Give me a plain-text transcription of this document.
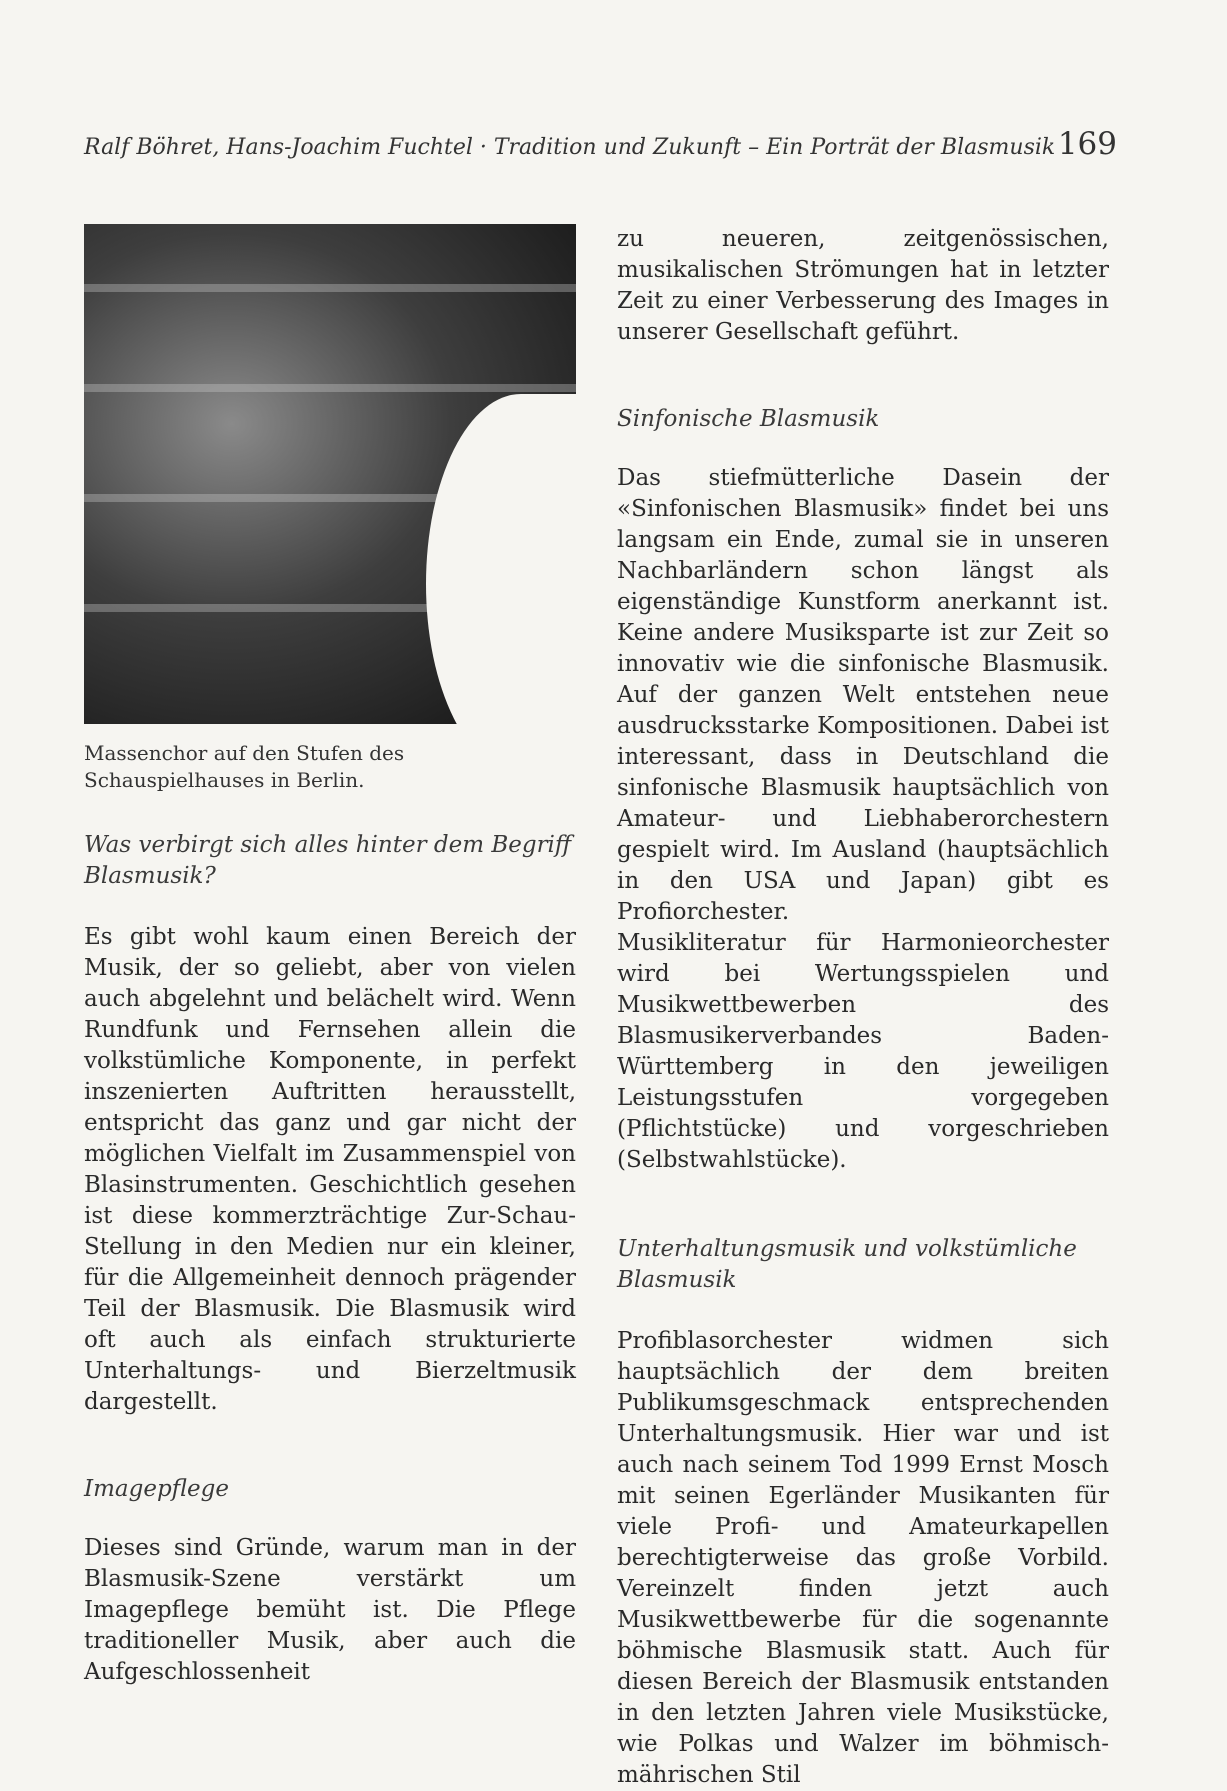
Ralf Böhret, Hans-Joachim Fuchtel · Tradition und Zukunft – Ein Porträt der Blasmusik 169
Massenchor auf den Stufen des Schauspielhauses in Berlin.
Was verbirgt sich alles hinter dem Begriff Blasmusik?
Es gibt wohl kaum einen Bereich der Musik, der so geliebt, aber von vielen auch abgelehnt und belächelt wird. Wenn Rundfunk und Fernsehen allein die volkstümliche Komponente, in perfekt inszenierten Auftritten herausstellt, entspricht das ganz und gar nicht der möglichen Vielfalt im Zusammenspiel von Blasinstrumenten. Geschichtlich gesehen ist diese kommerzträchtige Zur-Schau-Stellung in den Medien nur ein kleiner, für die Allgemeinheit dennoch prägender Teil der Blasmusik. Die Blasmusik wird oft auch als einfach strukturierte Unterhaltungs- und Bierzeltmusik dargestellt.
Imagepflege
Dieses sind Gründe, warum man in der Blasmusik-Szene verstärkt um Imagepflege bemüht ist. Die Pflege traditioneller Musik, aber auch die Aufgeschlossenheit
zu neueren, zeitgenössischen, musikalischen Strömungen hat in letzter Zeit zu einer Verbesserung des Images in unserer Gesellschaft geführt.
Sinfonische Blasmusik
Das stiefmütterliche Dasein der «Sinfonischen Blasmusik» findet bei uns langsam ein Ende, zumal sie in unseren Nachbarländern schon längst als eigenständige Kunstform anerkannt ist. Keine andere Musiksparte ist zur Zeit so innovativ wie die sinfonische Blasmusik. Auf der ganzen Welt entstehen neue ausdrucksstarke Kompositionen. Dabei ist interessant, dass in Deutschland die sinfonische Blasmusik hauptsächlich von Amateur- und Liebhaberorchestern gespielt wird. Im Ausland (hauptsächlich in den USA und Japan) gibt es Profiorchester.
Musikliteratur für Harmonieorchester wird bei Wertungsspielen und Musikwettbewerben des Blasmusikerverbandes Baden-Württemberg in den jeweiligen Leistungsstufen vorgegeben (Pflichtstücke) und vorgeschrieben (Selbstwahlstücke).
Unterhaltungsmusik und volkstümliche Blasmusik
Profiblasorchester widmen sich hauptsächlich der dem breiten Publikumsgeschmack entsprechenden Unterhaltungsmusik. Hier war und ist auch nach seinem Tod 1999 Ernst Mosch mit seinen Egerländer Musikanten für viele Profi- und Amateurkapellen berechtigterweise das große Vorbild. Vereinzelt finden jetzt auch Musikwettbewerbe für die sogenannte böhmische Blasmusik statt. Auch für diesen Bereich der Blasmusik entstanden in den letzten Jahren viele Musikstücke, wie Polkas und Walzer im böhmisch-mährischen Stil
